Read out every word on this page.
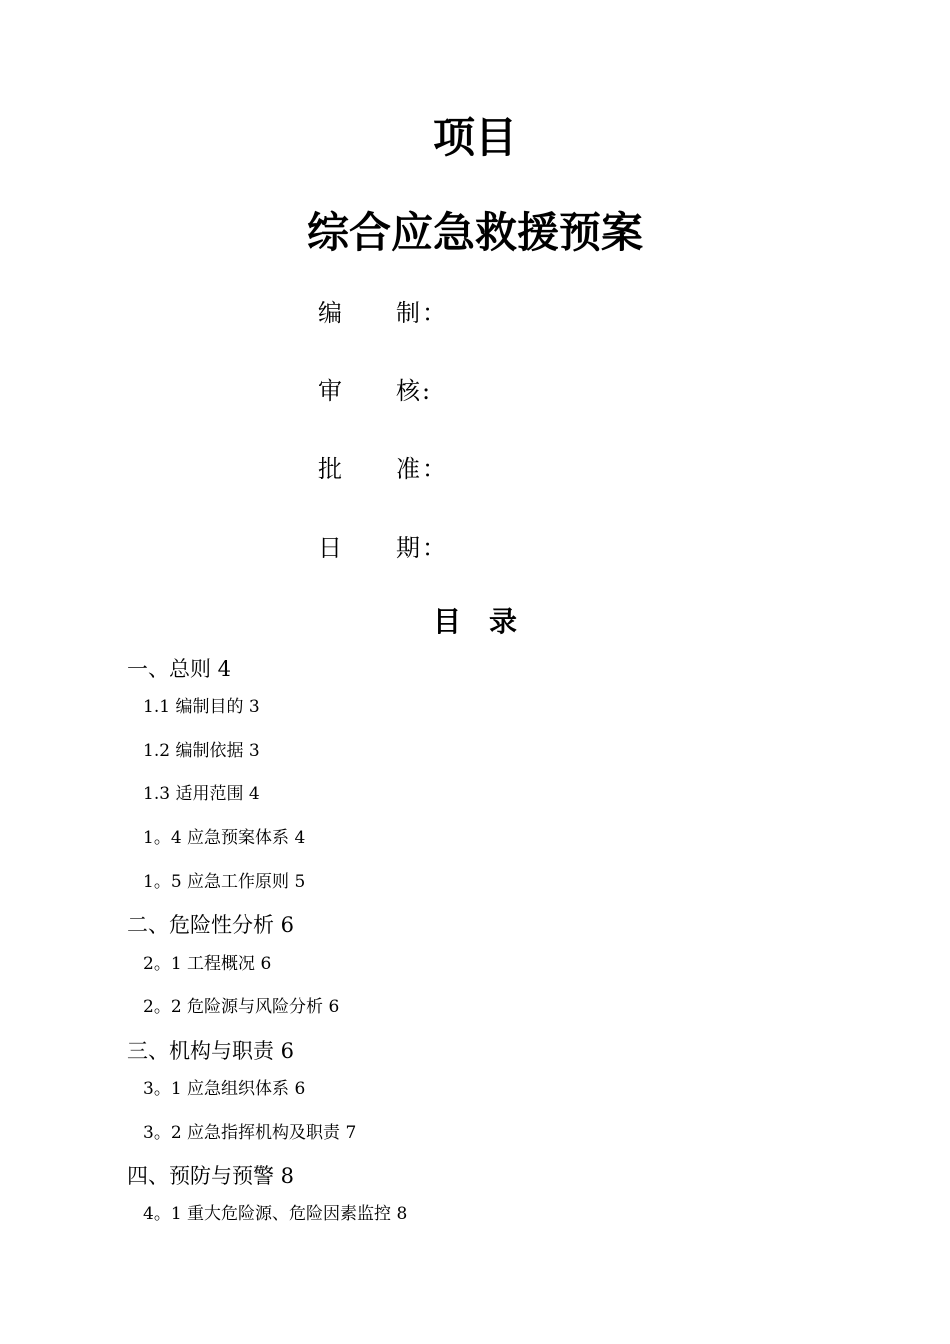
项目
综合应急救援预案
编 制 ：
审 核 :
批 准 ：
日 期 ：
目 录
一、总则 4
1.1 编制目的 3
1.2 编制依据 3
1.3 适用范围 4
1。4 应急预案体系 4
1。5 应急工作原则 5
二、危险性分析 6
2。1 工程概况 6
2。2 危险源与风险分析 6
三、机构与职责 6
3。1 应急组织体系 6
3。2 应急指挥机构及职责 7
四、预防与预警 8
4。1 重大危险源、危险因素监控 8
